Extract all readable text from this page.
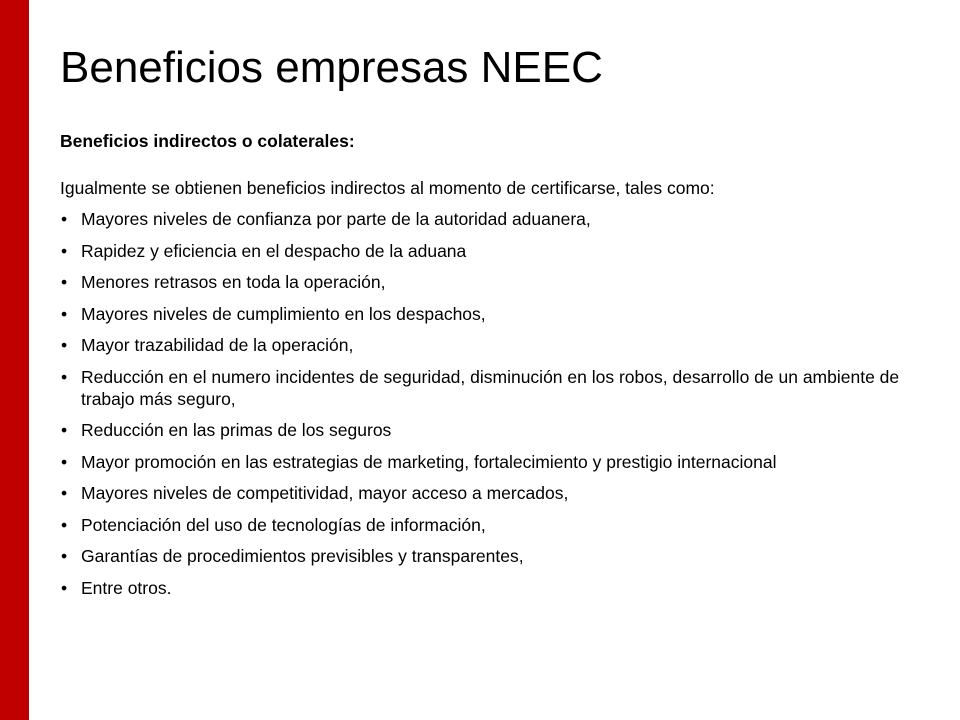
Beneficios empresas NEEC

Beneficios indirectos o colaterales:

Igualmente se obtienen beneficios indirectos al momento de certificarse, tales como:

• Mayores niveles de confianza por parte de la autoridad aduanera,
• Rapidez y eficiencia en el despacho de la aduana
• Menores retrasos en toda la operación,
• Mayores niveles de cumplimiento en los despachos,
• Mayor trazabilidad de la operación,
• Reducción en el numero incidentes de seguridad, disminución en los robos, desarrollo de un ambiente de trabajo más seguro,
• Reducción en las primas de los seguros
• Mayor promoción en las estrategias de marketing, fortalecimiento y prestigio internacional
• Mayores niveles de competitividad, mayor acceso a mercados,
• Potenciación del uso de tecnologías de información,
• Garantías de procedimientos previsibles y transparentes,
• Entre otros.
